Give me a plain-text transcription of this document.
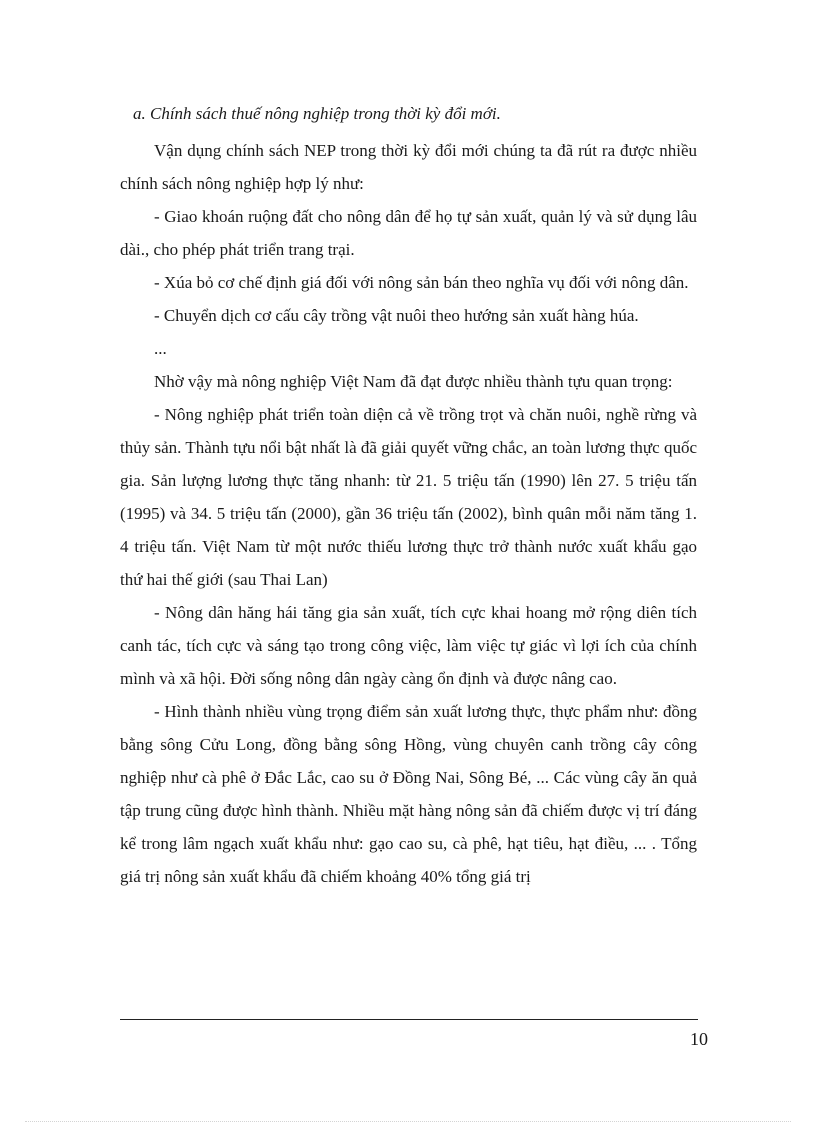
a. Chính sách thuế nông nghiệp trong thời kỳ đổi mới.

Vận dụng chính sách NEP trong thời kỳ đổi mới chúng ta đã rút ra được nhiều chính sách nông nghiệp hợp lý như:

- Giao khoán ruộng đất cho nông dân để họ tự sản xuất, quản lý và sử dụng lâu dài., cho phép phát triển trang trại.

- Xúa bỏ cơ chế định giá đối với nông sản bán theo nghĩa vụ đối với nông dân.

- Chuyển dịch cơ cấu cây trồng vật nuôi theo hướng sản xuất hàng húa.

...

Nhờ vậy mà nông nghiệp Việt Nam đã đạt được nhiều thành tựu quan trọng:

- Nông nghiệp phát triển toàn diện cả về trồng trọt và chăn nuôi, nghề rừng và thủy sản. Thành tựu nổi bật nhất là đã giải quyết vững chắc, an toàn lương thực quốc gia. Sản lượng lương thực tăng nhanh: từ 21. 5 triệu tấn (1990) lên 27. 5 triệu tấn (1995) và 34. 5 triệu tấn (2000), gần 36 triệu tấn (2002), bình quân mỗi năm tăng 1. 4 triệu tấn. Việt Nam từ một nước thiếu lương thực trở thành nước xuất khẩu gạo thứ hai thế giới (sau Thai Lan)

- Nông dân hăng hái tăng gia sản xuất, tích cực khai hoang mở rộng diên tích canh tác, tích cực và sáng tạo trong công việc, làm việc tự giác vì lợi ích của chính mình và xã hội. Đời sống nông dân ngày càng ổn định và được nâng cao.

- Hình thành nhiều vùng trọng điểm sản xuất lương thực, thực phẩm như: đồng bằng sông Cửu Long, đồng bằng sông Hồng, vùng chuyên canh trồng cây công nghiệp như cà phê ở Đắc Lắc, cao su ở Đồng Nai, Sông Bé, ... Các vùng cây ăn quả tập trung cũng được hình thành. Nhiều mặt hàng nông sản đã chiếm được vị trí đáng kể trong lâm ngạch xuất khẩu như: gạo cao su, cà phê, hạt tiêu, hạt điều, ... . Tổng giá trị nông sản xuất khẩu đã chiếm khoảng 40% tổng giá trị

10
